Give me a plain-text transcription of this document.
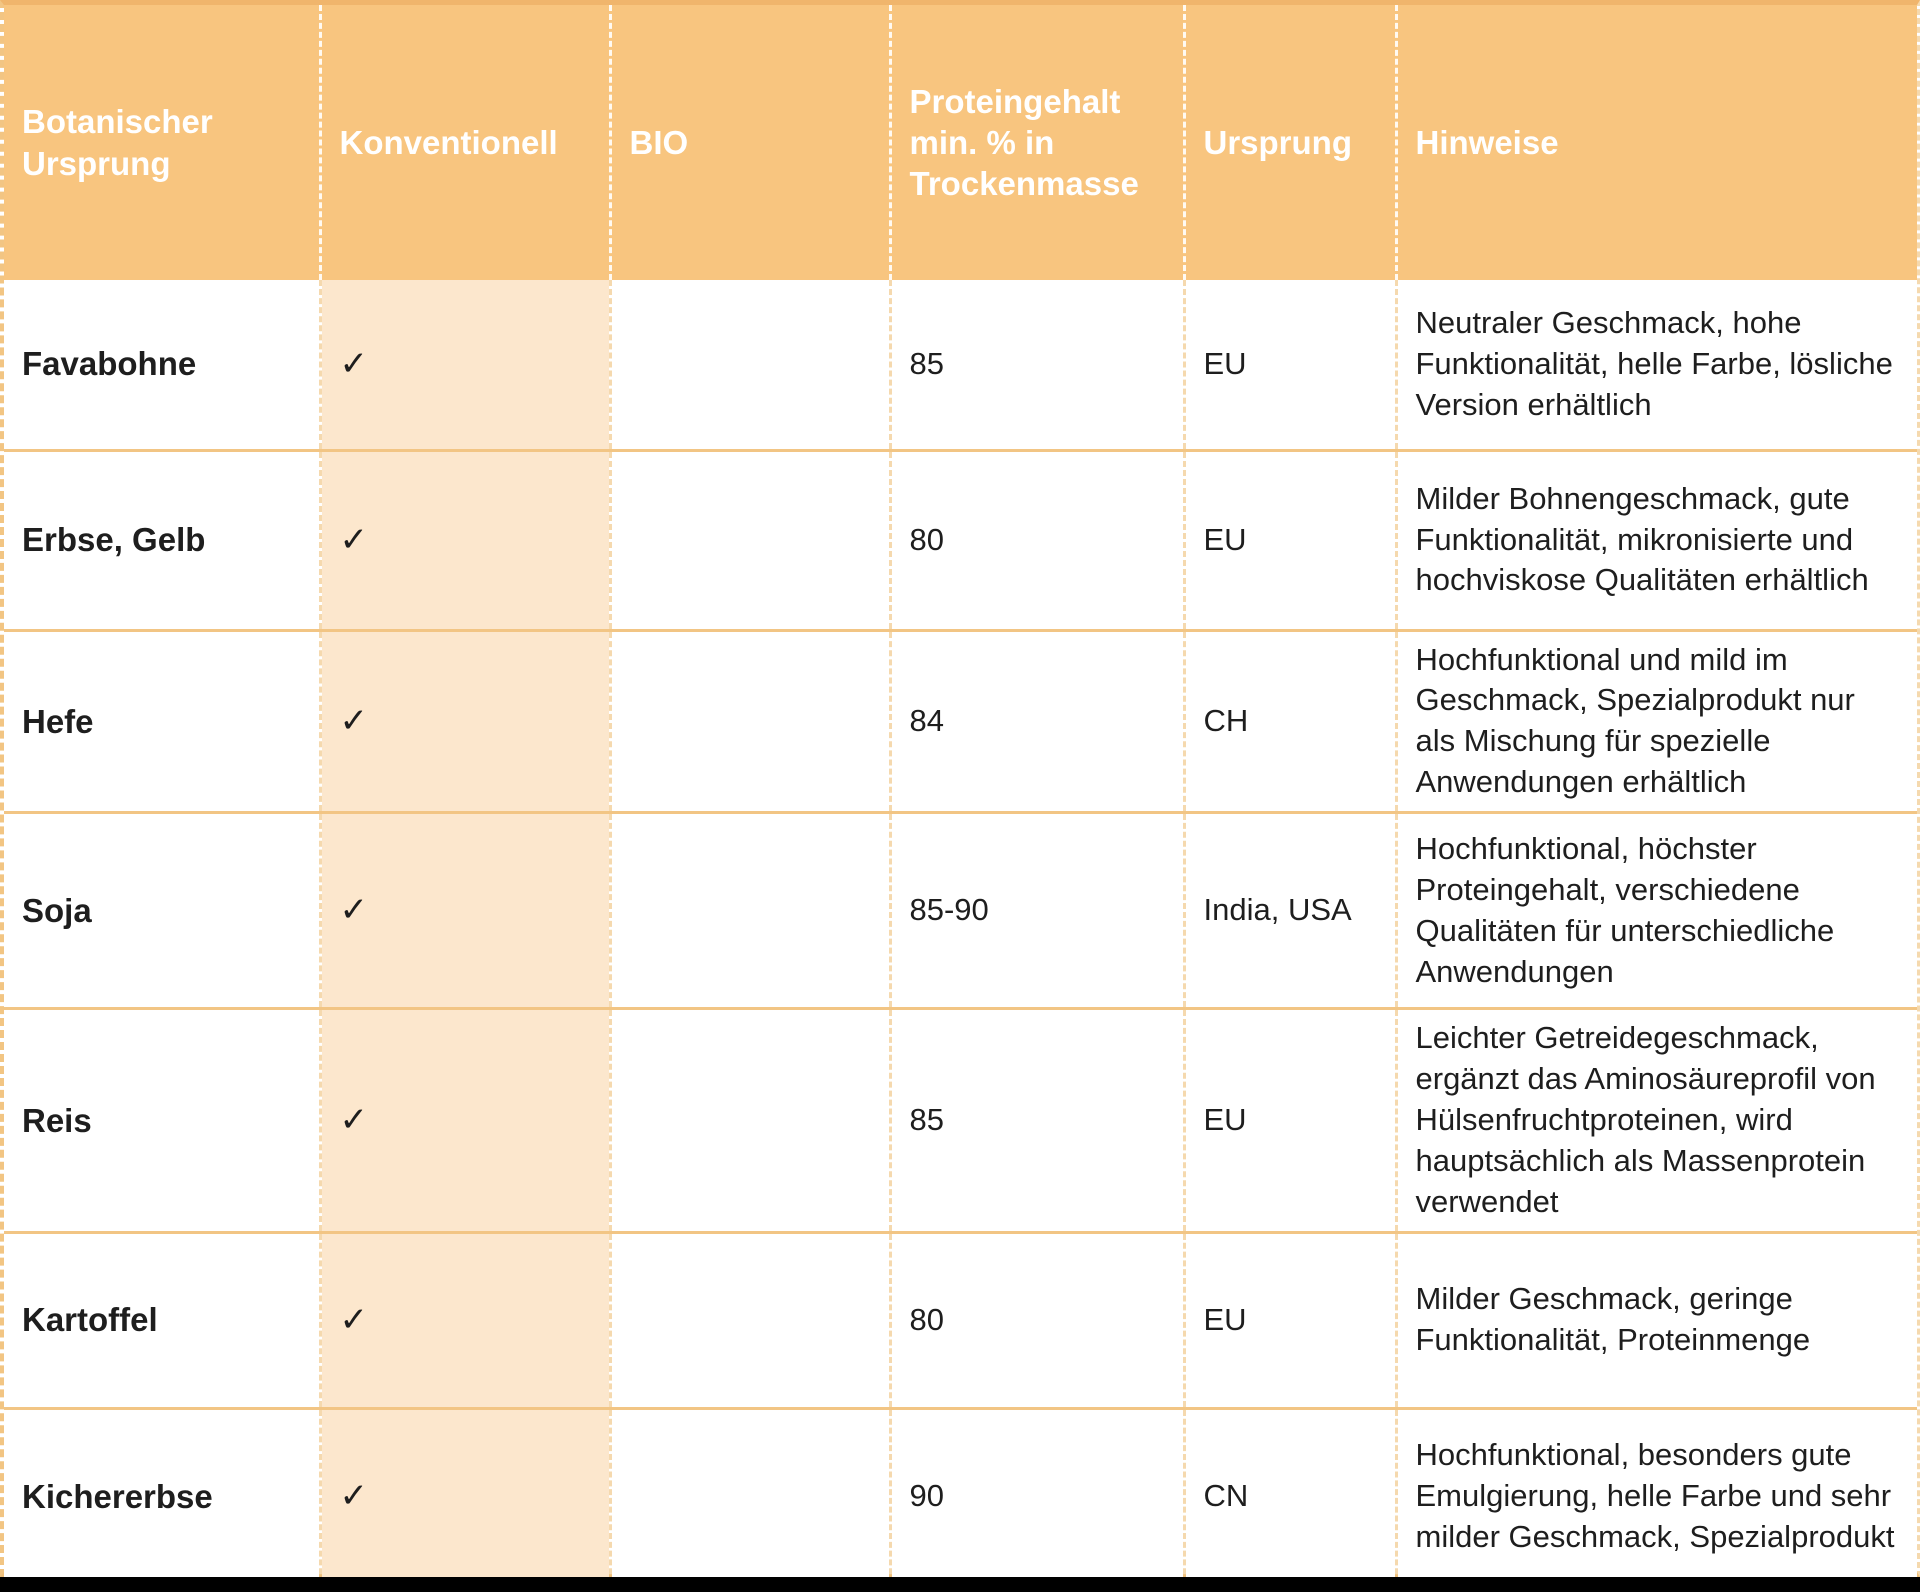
Botanischer Ursprung	Konventionell	BIO	Proteingehalt min. % in Trockenmasse	Ursprung	Hinweise
Favabohne	✓		85	EU	Neutraler Geschmack, hohe Funktionalität, helle Farbe, lösliche Version erhältlich
Erbse, Gelb	✓		80	EU	Milder Bohnengeschmack, gute Funktionalität, mikronisierte und hochviskose Qualitäten erhältlich
Hefe	✓		84	CH	Hochfunktional und mild im Geschmack, Spezialprodukt nur als Mischung für spezielle Anwendungen erhältlich
Soja	✓		85-90	India, USA	Hochfunktional, höchster Proteingehalt, verschiedene Qualitäten für unterschiedliche Anwendungen
Reis	✓		85	EU	Leichter Getreidegeschmack, ergänzt das Aminosäureprofil von Hülsenfruchtproteinen, wird hauptsächlich als Massenprotein verwendet
Kartoffel	✓		80	EU	Milder Geschmack, geringe Funktionalität, Proteinmenge
Kichererbse	✓		90	CN	Hochfunktional, besonders gute Emulgierung, helle Farbe und sehr milder Geschmack, Spezialprodukt
